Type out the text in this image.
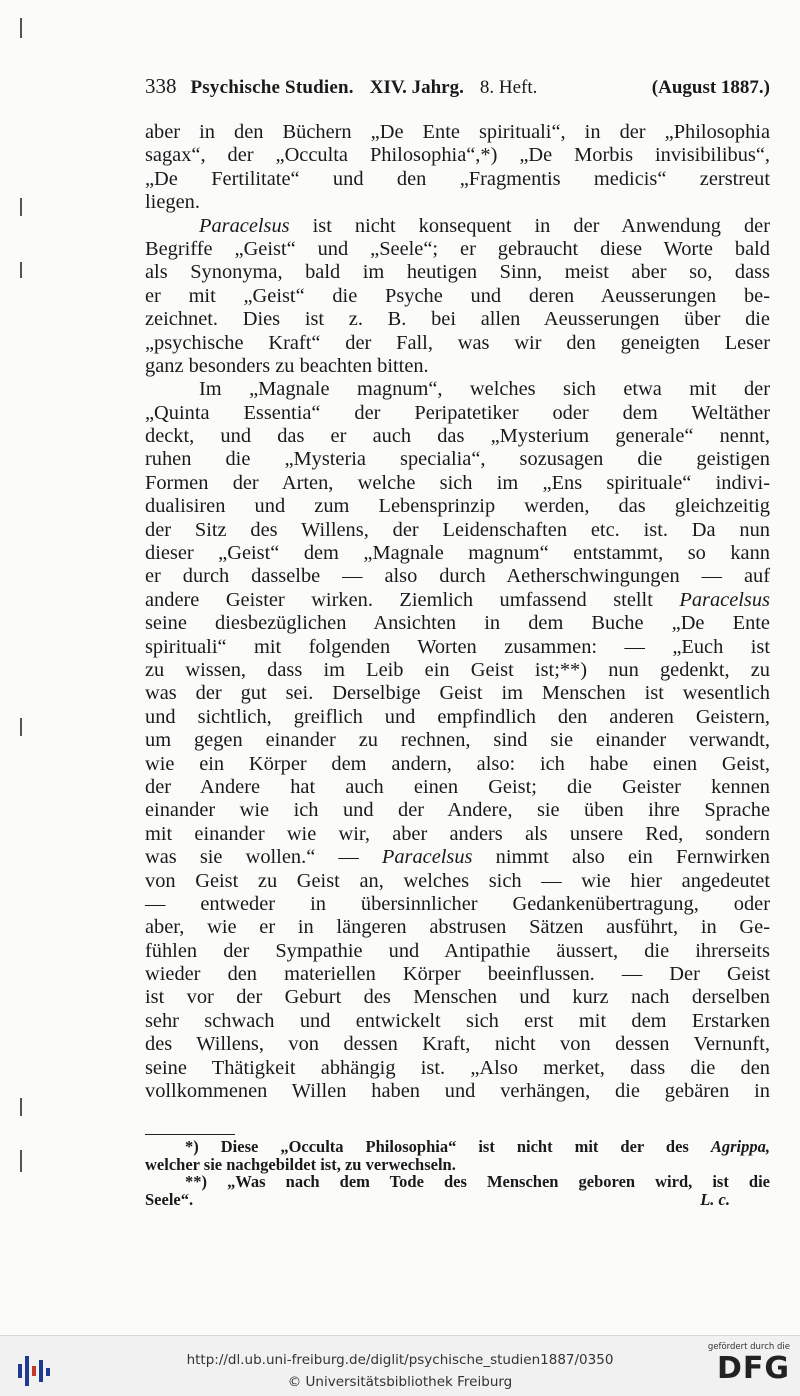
338 Psychische Studien. XIV. Jahrg. 8. Heft.	(August 1887.)
aber in den Büchern „De Ente spirituali“, in der „Philosophia
sagax“, der „Occulta Philosophia“,*) „De Morbis invisibilibus“,
„De Fertilitate“ und den „Fragmentis medicis“ zerstreut
liegen.
Paracelsus ist nicht konsequent in der Anwendung der
Begriffe „Geist“ und „Seele“; er gebraucht diese Worte bald
als Synonyma, bald im heutigen Sinn, meist aber so, dass
er mit „Geist“ die Psyche und deren Aeusserungen be-
zeichnet. Dies ist z. B. bei allen Aeusserungen über die
„psychische Kraft“ der Fall, was wir den geneigten Leser
ganz besonders zu beachten bitten.
Im „Magnale magnum“, welches sich etwa mit der
„Quinta Essentia“ der Peripatetiker oder dem Weltäther
deckt, und das er auch das „Mysterium generale“ nennt,
ruhen die „Mysteria specialia“, sozusagen die geistigen
Formen der Arten, welche sich im „Ens spirituale“ indivi-
dualisiren und zum Lebensprinzip werden, das gleichzeitig
der Sitz des Willens, der Leidenschaften etc. ist. Da nun
dieser „Geist“ dem „Magnale magnum“ entstammt, so kann
er durch dasselbe — also durch Aetherschwingungen — auf
andere Geister wirken. Ziemlich umfassend stellt Paracelsus
seine diesbezüglichen Ansichten in dem Buche „De Ente
spirituali“ mit folgenden Worten zusammen: — „Euch ist
zu wissen, dass im Leib ein Geist ist;**) nun gedenkt, zu
was der gut sei. Derselbige Geist im Menschen ist wesentlich
und sichtlich, greiflich und empfindlich den anderen Geistern,
um gegen einander zu rechnen, sind sie einander verwandt,
wie ein Körper dem andern, also: ich habe einen Geist,
der Andere hat auch einen Geist; die Geister kennen
einander wie ich und der Andere, sie üben ihre Sprache
mit einander wie wir, aber anders als unsere Red, sondern
was sie wollen.“ — Paracelsus nimmt also ein Fernwirken
von Geist zu Geist an, welches sich — wie hier angedeutet
— entweder in übersinnlicher Gedankenübertragung, oder
aber, wie er in längeren abstrusen Sätzen ausführt, in Ge-
fühlen der Sympathie und Antipathie äussert, die ihrerseits
wieder den materiellen Körper beeinflussen. — Der Geist
ist vor der Geburt des Menschen und kurz nach derselben
sehr schwach und entwickelt sich erst mit dem Erstarken
des Willens, von dessen Kraft, nicht von dessen Vernunft,
seine Thätigkeit abhängig ist. „Also merket, dass die den
vollkommenen Willen haben und verhängen, die gebären in
*) Diese „Occulta Philosophia“ ist nicht mit der des Agrippa,
welcher sie nachgebildet ist, zu verwechseln.
**) „Was nach dem Tode des Menschen geboren wird, ist die
Seele“.	L. c.
http://dl.ub.uni-freiburg.de/diglit/psychische_studien1887/0350
© Universitätsbibliothek Freiburg
gefördert durch die
DFG
